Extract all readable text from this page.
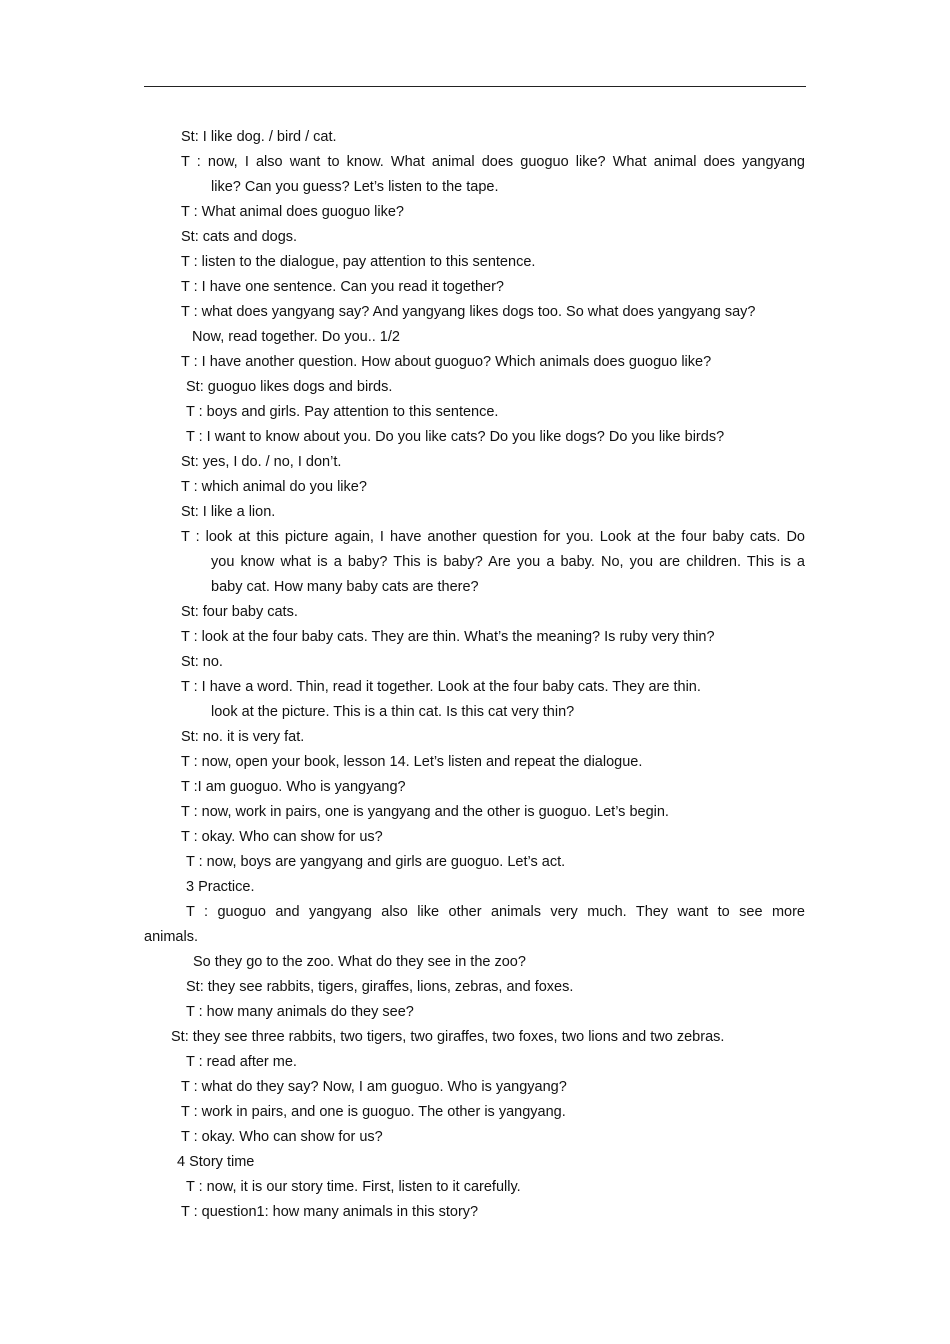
St: I like dog. / bird / cat.
T : now, I also want to know. What animal does guoguo like? What animal does yangyang
like? Can you guess? Let’s listen to the tape.
T : What animal does guoguo like?
St: cats and dogs.
T : listen to the dialogue, pay attention to this sentence.
T : I have one sentence. Can you read it together?
T : what does yangyang say? And yangyang likes dogs too. So what does yangyang say?
Now, read together. Do you.. 1/2
T : I have another question. How about guoguo? Which animals does guoguo like?
St: guoguo likes dogs and birds.
T : boys and girls. Pay attention to this sentence.
T : I want to know about you. Do you like cats? Do you like dogs? Do you like birds?
St: yes, I do. / no, I don’t.
T : which animal do you like?
St: I like a lion.
T : look at this picture again, I have another question for you. Look at the four baby cats. Do
you know what is a baby? This is baby? Are you a baby. No, you are children. This is a
baby cat. How many baby cats are there?
St: four baby cats.
T : look at the four baby cats. They are thin. What’s the meaning? Is ruby very thin?
St: no.
T : I have a word. Thin, read it together. Look at the four baby cats. They are thin.
look at the picture. This is a thin cat. Is this cat very thin?
St: no. it is very fat.
T : now, open your book, lesson 14. Let’s listen and repeat the dialogue.
T :I am guoguo. Who is yangyang?
T : now, work in pairs, one is yangyang and the other is guoguo. Let’s begin.
T : okay. Who can show for us?
T : now, boys are yangyang and girls are guoguo. Let’s act.
3 Practice.
T : guoguo and yangyang also like other animals very much. They want to see more
animals.
So they go to the zoo. What do they see in the zoo?
St: they see rabbits, tigers, giraffes, lions, zebras, and foxes.
T : how many animals do they see?
St: they see three rabbits, two tigers, two giraffes, two foxes, two lions and two zebras.
T : read after me.
T : what do they say? Now, I am guoguo. Who is yangyang?
T : work in pairs, and one is guoguo. The other is yangyang.
T : okay. Who can show for us?
4 Story time
T : now, it is our story time. First, listen to it carefully.
T : question1: how many animals in this story?
